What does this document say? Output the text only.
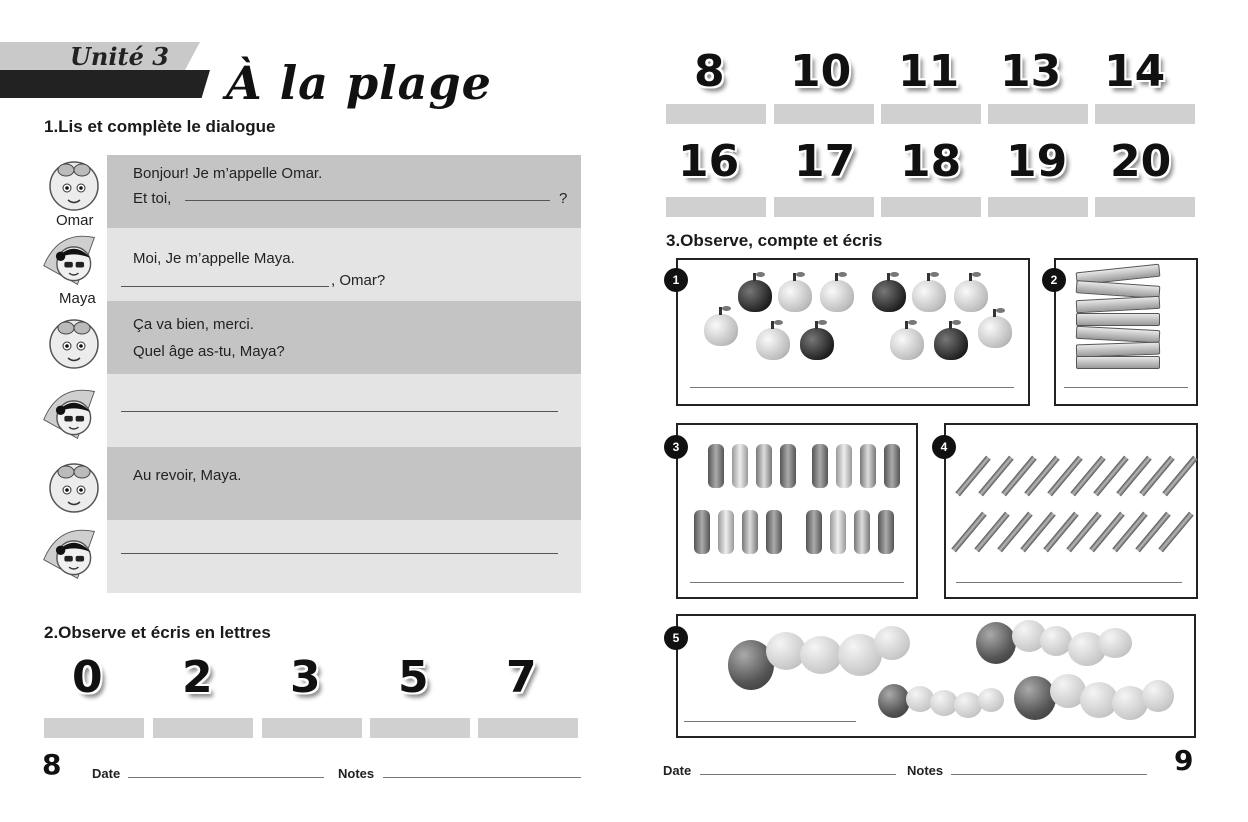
Unité 3 À la plage
1.Lis et complète le dialogue
Bonjour! Je m’appelle Omar.
Et toi,	?
Moi, Je m’appelle Maya.
, Omar?
Ça va bien, merci.
Quel âge as-tu, Maya?
Au revoir, Maya.
Omar
Maya
2.Observe et écris en lettres
0 2 3 5 7
8 Date	Notes
8 10 11 13 14
16 17 18 19 20
3.Observe, compte et écris
1	2
3	4
5
Date	Notes	9
